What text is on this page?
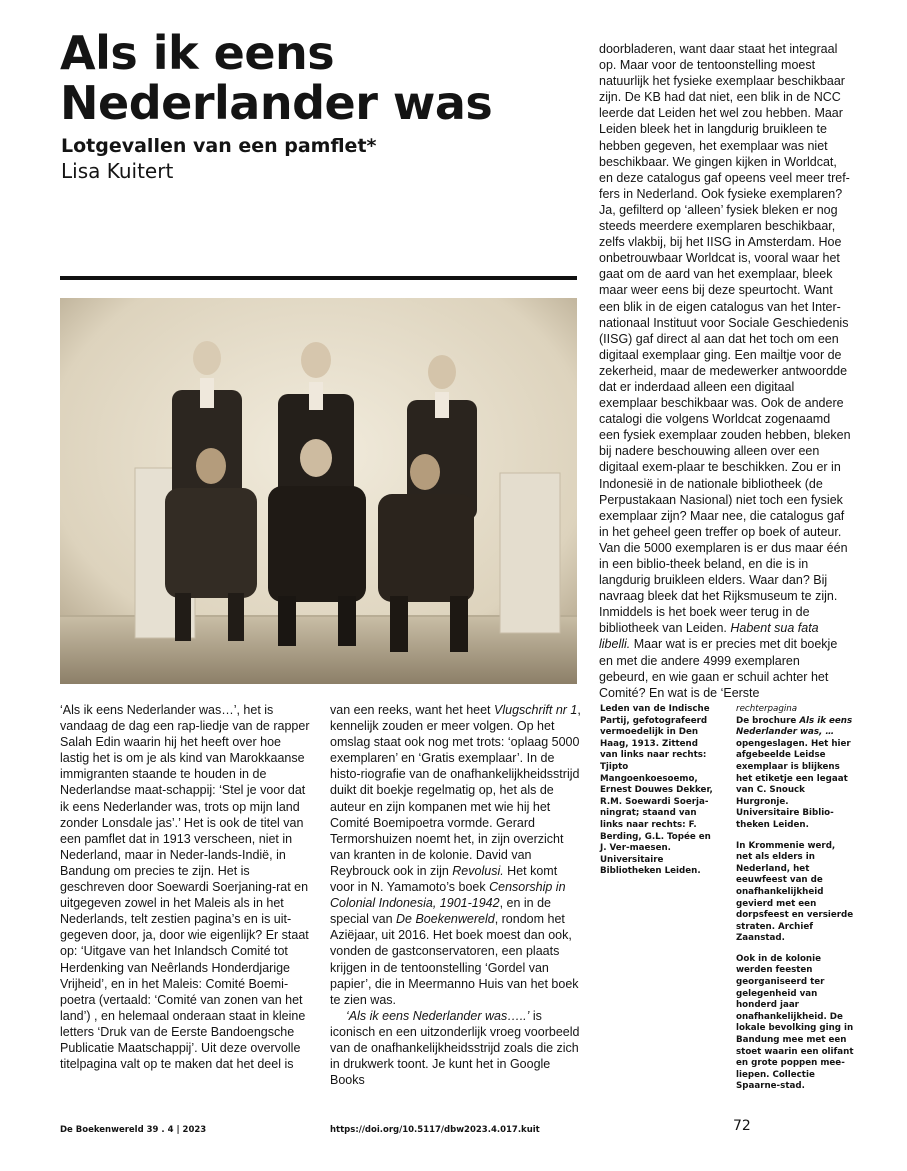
Als ik eens Nederlander was
Lotgevallen van een pamflet*
Lisa Kuitert

‘Als ik eens Nederlander was…’, het is vandaag de dag een rap-liedje van de rapper Salah Edin waarin hij het heeft over hoe lastig het is om je als kind van Marokkaanse immigranten staande te houden in de Nederlandse maat-schappij: ‘Stel je voor dat ik eens Nederlander was, trots op mijn land zonder Lonsdale jas’.’ Het is ook de titel van een pamflet dat in 1913 verscheen, niet in Nederland, maar in Neder-lands-Indië, in Bandung om precies te zijn. Het is geschreven door Soewardi Soerjaning-rat en uitgegeven zowel in het Maleis als in het Nederlands, telt zestien pagina’s en is uit-gegeven door, ja, door wie eigenlijk? Er staat op: ‘Uitgave van het Inlandsch Comité tot Herdenking van Neêrlands Honderdjarige Vrijheid’, en in het Maleis: Comité Boemi-poetra (vertaald: ‘Comité van zonen van het land’) , en helemaal onderaan staat in kleine letters ‘Druk van de Eerste Bandoengsche Publicatie Maatschappij’. Uit deze overvolle titelpagina valt op te maken dat het deel is

van een reeks, want het heet Vlugschrift nr 1, kennelijk zouden er meer volgen. Op het omslag staat ook nog met trots: ‘oplaag 5000 exemplaren’ en ‘Gratis exemplaar’. In de histo-riografie van de onafhankelijkheidsstrijd duikt dit boekje regelmatig op, het als de auteur en zijn kompanen met wie hij het Comité Boemipoetra vormde. Gerard Termorshuizen noemt het, in zijn overzicht van kranten in de kolonie. David van Reybrouck ook in zijn Revolusi. Het komt voor in N. Yamamoto’s boek Censorship in Colonial Indonesia, 1901-1942, en in de special van De Boekenwereld, rondom het Aziëjaar, uit 2016. Het boek moest dan ook, vonden de gastconservatoren, een plaats krijgen in de tentoonstelling ‘Gordel van papier’, die in Meermanno Huis van het boek te zien was.

‘Als ik eens Nederlander was…..’ is iconisch en een uitzonderlijk vroeg voorbeeld van de onafhankelijkheidsstrijd zoals die zich in drukwerk toont. Je kunt het in Google Books

doorbladeren, want daar staat het integraal op. Maar voor de tentoonstelling moest natuurlijk het fysieke exemplaar beschikbaar zijn. De KB had dat niet, een blik in de NCC leerde dat Leiden het wel zou hebben. Maar Leiden bleek het in langdurig bruikleen te hebben gegeven, het exemplaar was niet beschikbaar. We gingen kijken in Worldcat, en deze catalogus gaf opeens veel meer tref-fers in Nederland. Ook fysieke exemplaren? Ja, gefilterd op ‘alleen’ fysiek bleken er nog steeds meerdere exemplaren beschikbaar, zelfs vlakbij, bij het IISG in Amsterdam. Hoe onbetrouwbaar Worldcat is, vooral waar het gaat om de aard van het exemplaar, bleek maar weer eens bij deze speurtocht. Want een blik in de eigen catalogus van het Inter-nationaal Instituut voor Sociale Geschiedenis (IISG) gaf direct al aan dat het toch om een digitaal exemplaar ging. Een mailtje voor de zekerheid, maar de medewerker antwoordde dat er inderdaad alleen een digitaal exemplaar beschikbaar was. Ook de andere catalogi die volgens Worldcat zogenaamd een fysiek exemplaar zouden hebben, bleken bij nadere beschouwing alleen over een digitaal exem-plaar te beschikken. Zou er in Indonesië in de nationale bibliotheek (de Perpustakaan Nasional) niet toch een fysiek exemplaar zijn? Maar nee, die catalogus gaf in het geheel geen treffer op boek of auteur. Van die 5000 exemplaren is er dus maar één in een biblio-theek beland, en die is in langdurig bruikleen elders. Waar dan? Bij navraag bleek dat het Rijksmuseum te zijn. Inmiddels is het boek weer terug in de bibliotheek van Leiden. Habent sua fata libelli. Maar wat is er precies met dit boekje en met die andere 4999 exemplaren gebeurd, en wie gaan er schuil achter het Comité? En wat is de ‘Eerste

Leden van de Indische Partij, gefotografeerd vermoedelijk in Den Haag, 1913. Zittend van links naar rechts: Tjipto Mangoenkoesoemo, Ernest Douwes Dekker, R.M. Soewardi Soerja-ningrat; staand van links naar rechts: F. Berding, G.L. Topée en J. Ver-maesen. Universitaire Bibliotheken Leiden.

rechterpagina
De brochure Als ik eens Nederlander was, … opengeslagen. Het hier afgebeelde Leidse exemplaar is blijkens het etiketje een legaat van C. Snouck Hurgronje. Universitaire Biblio-theken Leiden.

In Krommenie werd, net als elders in Nederland, het eeuwfeest van de onafhankelijkheid gevierd met een dorpsfeest en versierde straten. Archief Zaanstad.

Ook in de kolonie werden feesten georganiseerd ter gelegenheid van honderd jaar onafhankelijkheid. De lokale bevolking ging in Bandung mee met een stoet waarin een olifant en grote poppen mee-liepen. Collectie Spaarne-stad.

De Boekenwereld 39 . 4 | 2023	https://doi.org/10.5117/dbw2023.4.017.kuit	72
